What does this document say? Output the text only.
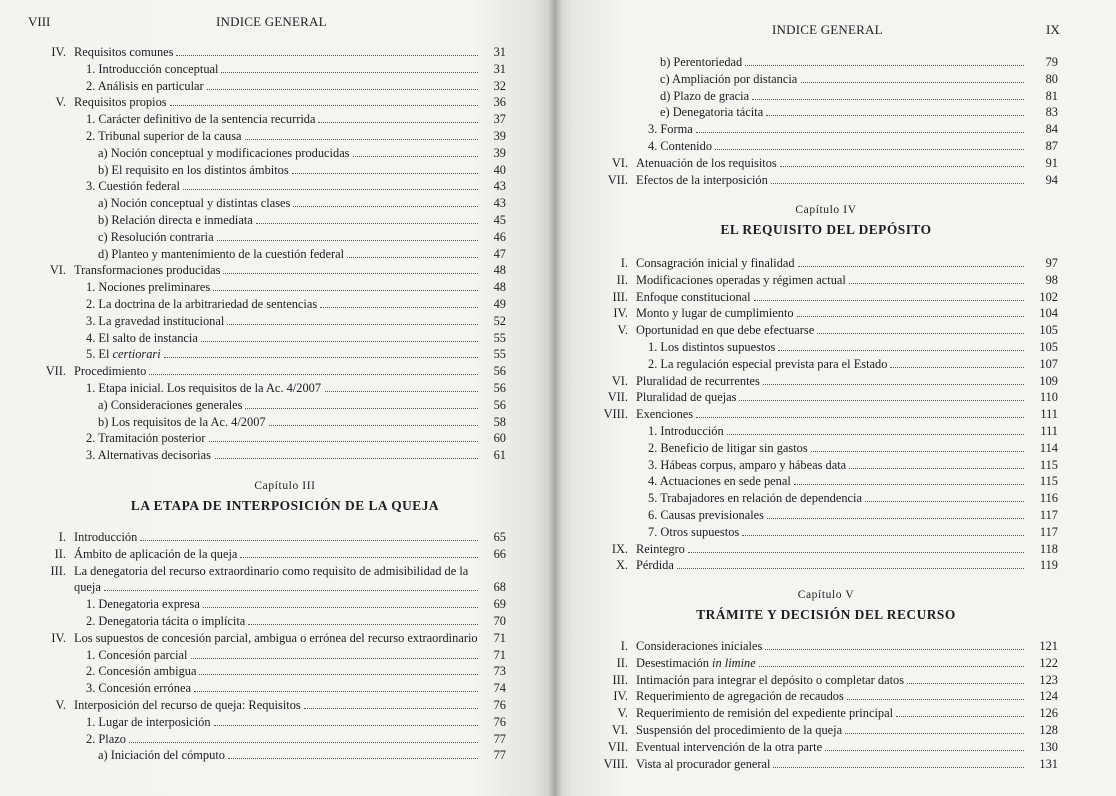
VIII	INDICE GENERAL
IV. Requisitos comunes	31
1. Introducción conceptual	31
2. Análisis en particular	32
V. Requisitos propios	36
1. Carácter definitivo de la sentencia recurrida	37
2. Tribunal superior de la causa	39
a) Noción conceptual y modificaciones producidas	39
b) El requisito en los distintos ámbitos	40
3. Cuestión federal	43
a) Noción conceptual y distintas clases	43
b) Relación directa e inmediata	45
c) Resolución contraria	46
d) Planteo y mantenimiento de la cuestión federal	47
VI. Transformaciones producidas	48
1. Nociones preliminares	48
2. La doctrina de la arbitrariedad de sentencias	49
3. La gravedad institucional	52
4. El salto de instancia	55
5. El certiorari	55
VII. Procedimiento	56
1. Etapa inicial. Los requisitos de la Ac. 4/2007	56
a) Consideraciones generales	56
b) Los requisitos de la Ac. 4/2007	58
2. Tramitación posterior	60
3. Alternativas decisorias	61
Capítulo III
LA ETAPA DE INTERPOSICIÓN DE LA QUEJA
I. Introducción	65
II. Ámbito de aplicación de la queja	66
III. La denegatoria del recurso extraordinario como requisito de admisibilidad de la
queja	68
1. Denegatoria expresa	69
2. Denegatoria tácita o implícita	70
IV. Los supuestos de concesión parcial, ambigua o errónea del recurso extraordinario	71
1. Concesión parcial	71
2. Concesión ambigua	73
3. Concesión errónea	74
V. Interposición del recurso de queja: Requisitos	76
1. Lugar de interposición	76
2. Plazo	77
a) Iniciación del cómputo	77
INDICE GENERAL	IX
b) Perentoriedad	79
c) Ampliación por distancia	80
d) Plazo de gracia	81
e) Denegatoria tácita	83
3. Forma	84
4. Contenido	87
VI. Atenuación de los requisitos	91
VII. Efectos de la interposición	94
Capítulo IV
EL REQUISITO DEL DEPÓSITO
I. Consagración inicial y finalidad	97
II. Modificaciones operadas y régimen actual	98
III. Enfoque constitucional	102
IV. Monto y lugar de cumplimiento	104
V. Oportunidad en que debe efectuarse	105
1. Los distintos supuestos	105
2. La regulación especial prevista para el Estado	107
VI. Pluralidad de recurrentes	109
VII. Pluralidad de quejas	110
VIII. Exenciones	111
1. Introducción	111
2. Beneficio de litigar sin gastos	114
3. Hábeas corpus, amparo y hábeas data	115
4. Actuaciones en sede penal	115
5. Trabajadores en relación de dependencia	116
6. Causas previsionales	117
7. Otros supuestos	117
IX. Reintegro	118
X. Pérdida	119
Capítulo V
TRÁMITE Y DECISIÓN DEL RECURSO
I. Consideraciones iniciales	121
II. Desestimación in limine	122
III. Intimación para integrar el depósito o completar datos	123
IV. Requerimiento de agregación de recaudos	124
V. Requerimiento de remisión del expediente principal	126
VI. Suspensión del procedimiento de la queja	128
VII. Eventual intervención de la otra parte	130
VIII. Vista al procurador general	131
